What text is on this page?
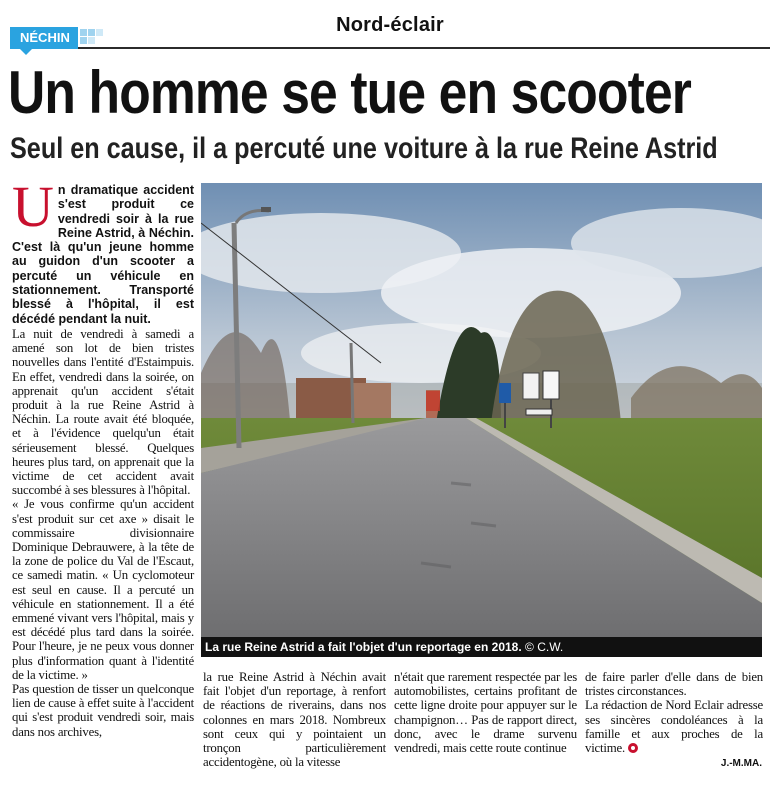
Nord-éclair
NÉCHIN
Un homme se tue en scooter
Seul en cause, il a percuté une voiture à la rue Reine Astrid
Un dramatique accident s'est produit ce vendredi soir à la rue Reine Astrid, à Néchin. C'est là qu'un jeune homme au guidon d'un scooter a percuté un véhicule en stationnement. Transporté blessé à l'hôpital, il est décédé pendant la nuit.

La nuit de vendredi à samedi a amené son lot de bien tristes nouvelles dans l'entité d'Estaimpuis. En effet, vendredi dans la soirée, on apprenait qu'un accident s'était produit à la rue Reine Astrid à Néchin. La route avait été bloquée, et à l'évidence quelqu'un était sérieusement blessé. Quelques heures plus tard, on apprenait que la victime de cet accident avait succombé à ses blessures à l'hôpital.

« Je vous confirme qu'un accident s'est produit sur cet axe » disait le commissaire divisionnaire Dominique Debrauwere, à la tête de la zone de police du Val de l'Escaut, ce samedi matin. « Un cyclomoteur est seul en cause. Il a percuté un véhicule en stationnement. Il a été emmené vivant vers l'hôpital, mais y est décédé plus tard dans la soirée. Pour l'heure, je ne peux vous donner plus d'information quant à l'identité de la victime. »

Pas question de tisser un quelconque lien de cause à effet suite à l'accident qui s'est produit vendredi soir, mais dans nos archives,

La rue Reine Astrid a fait l'objet d'un reportage en 2018. © C.W.

la rue Reine Astrid à Néchin avait fait l'objet d'un reportage, à renfort de réactions de riverains, dans nos colonnes en mars 2018. Nombreux sont ceux qui y pointaient un tronçon particulièrement accidentogène, où la vitesse

n'était que rarement respectée par les automobilistes, certains profitant de cette ligne droite pour appuyer sur le champignon… Pas de rapport direct, donc, avec le drame survenu vendredi, mais cette route continue

de faire parler d'elle dans de bien tristes circonstances.

La rédaction de Nord Eclair adresse ses sincères condoléances à la famille et aux proches de la victime.

J.-M.MA.
